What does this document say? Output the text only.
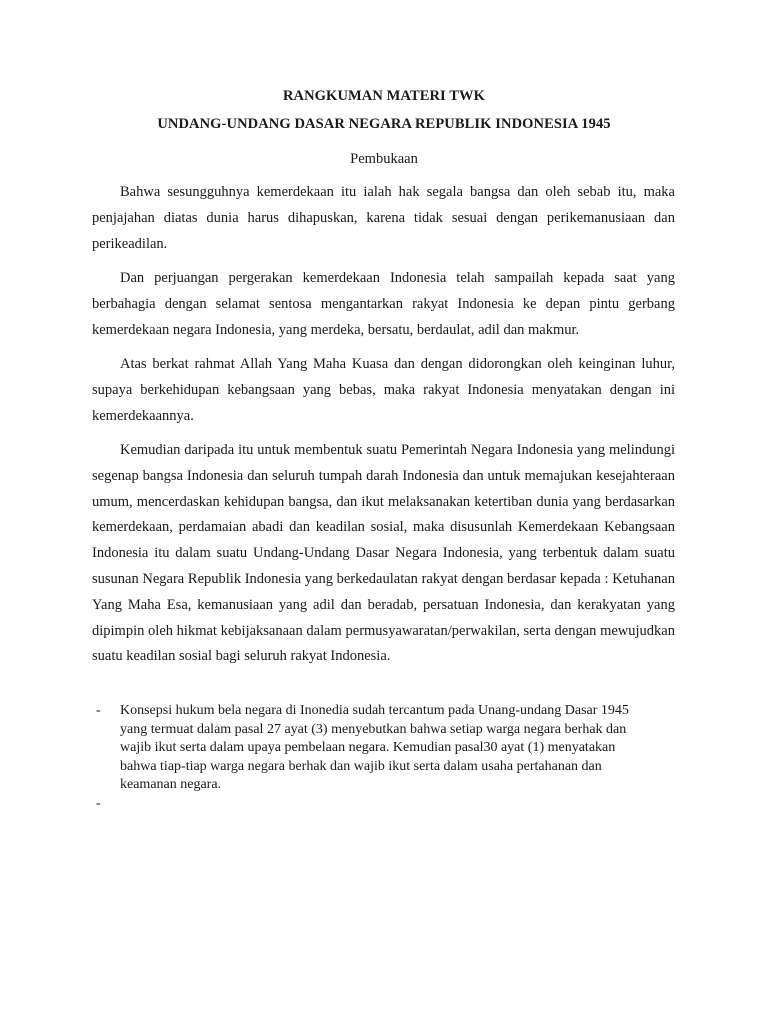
RANGKUMAN MATERI TWK
UNDANG-UNDANG DASAR NEGARA REPUBLIK INDONESIA 1945
Pembukaan

Bahwa sesungguhnya kemerdekaan itu ialah hak segala bangsa dan oleh sebab itu, maka penjajahan diatas dunia harus dihapuskan, karena tidak sesuai dengan perikemanusiaan dan perikeadilan.

Dan perjuangan pergerakan kemerdekaan Indonesia telah sampailah kepada saat yang berbahagia dengan selamat sentosa mengantarkan rakyat Indonesia ke depan pintu gerbang kemerdekaan negara Indonesia, yang merdeka, bersatu, berdaulat, adil dan makmur.

Atas berkat rahmat Allah Yang Maha Kuasa dan dengan didorongkan oleh keinginan luhur, supaya berkehidupan kebangsaan yang bebas, maka rakyat Indonesia menyatakan dengan ini kemerdekaannya.

Kemudian daripada itu untuk membentuk suatu Pemerintah Negara Indonesia yang melindungi segenap bangsa Indonesia dan seluruh tumpah darah Indonesia dan untuk memajukan kesejahteraan umum, mencerdaskan kehidupan bangsa, dan ikut melaksanakan ketertiban dunia yang berdasarkan kemerdekaan, perdamaian abadi dan keadilan sosial, maka disusunlah Kemerdekaan Kebangsaan Indonesia itu dalam suatu Undang-Undang Dasar Negara Indonesia, yang terbentuk dalam suatu susunan Negara Republik Indonesia yang berkedaulatan rakyat dengan berdasar kepada : Ketuhanan Yang Maha Esa, kemanusiaan yang adil dan beradab, persatuan Indonesia, dan kerakyatan yang dipimpin oleh hikmat kebijaksanaan dalam permusyawaratan/perwakilan, serta dengan mewujudkan suatu keadilan sosial bagi seluruh rakyat Indonesia.

- Konsepsi hukum bela negara di Inonedia sudah tercantum pada Unang-undang Dasar 1945 yang termuat dalam pasal 27 ayat (3) menyebutkan bahwa setiap warga negara berhak dan wajib ikut serta dalam upaya pembelaan negara. Kemudian pasal30 ayat (1) menyatakan bahwa tiap-tiap warga negara berhak dan wajib ikut serta dalam usaha pertahanan dan keamanan negara.
-
